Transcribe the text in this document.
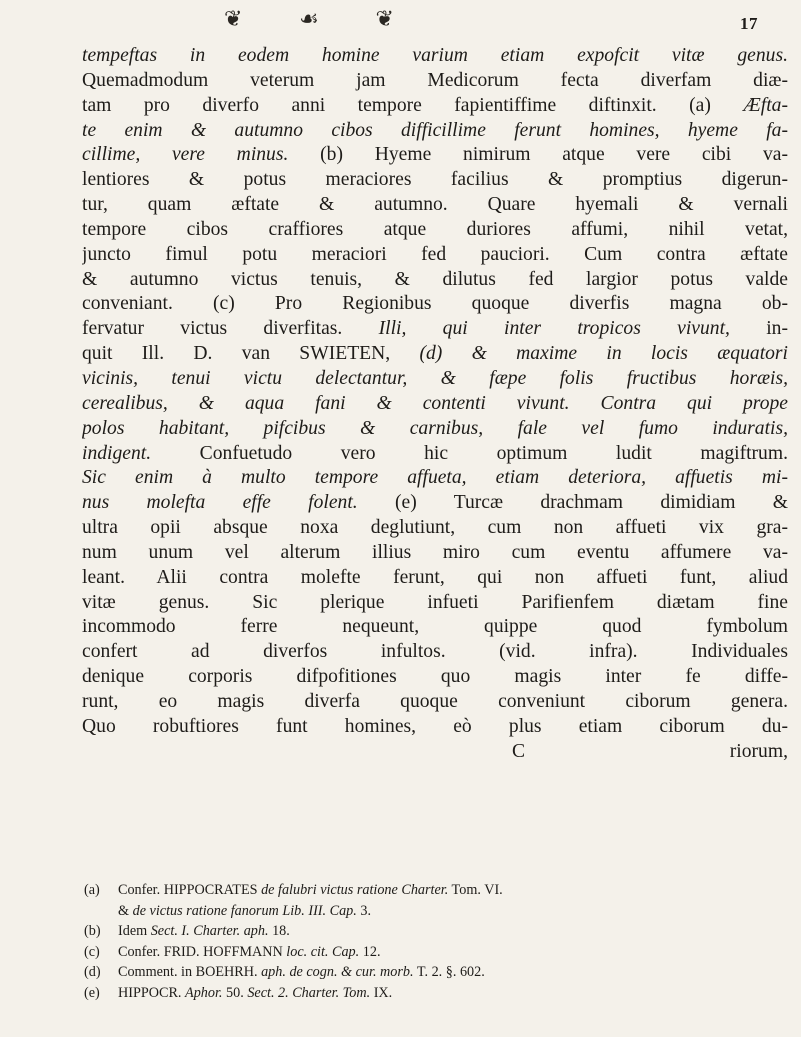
❦	☙	❦	17
tempeftas in eodem homine varium etiam expofcit vitæ genus.
Quemadmodum veterum jam Medicorum fecta diverfam diæ-
tam pro diverfo anni tempore fapientiffime diftinxit. (a) Æfta-
te enim & autumno cibos difficillime ferunt homines, hyeme fa-
cillime, vere minus. (b) Hyeme nimirum atque vere cibi va-
lentiores & potus meraciores facilius & promptius digerun-
tur, quam æftate & autumno. Quare hyemali & vernali
tempore cibos craffiores atque duriores affumi, nihil vetat,
juncto fimul potu meraciori fed pauciori. Cum contra æftate
& autumno victus tenuis, & dilutus fed largior potus valde
conveniant. (c) Pro Regionibus quoque diverfis magna ob-
fervatur victus diverfitas. Illi, qui inter tropicos vivunt, in-
quit Ill. D. van SWIETEN, (d) & maxime in locis æquatori
vicinis, tenui victu delectantur, & fæpe folis fructibus horæis,
cerealibus, & aqua fani & contenti vivunt. Contra qui prope
polos habitant, pifcibus & carnibus, fale vel fumo induratis,
indigent. Confuetudo vero hic optimum ludit magiftrum.
Sic enim à multo tempore affueta, etiam deteriora, affuetis mi-
nus molefta effe folent. (e) Turcæ drachmam dimidiam &
ultra opii absque noxa deglutiunt, cum non affueti vix gra-
num unum vel alterum illius miro cum eventu affumere va-
leant. Alii contra molefte ferunt, qui non affueti funt, aliud
vitæ genus. Sic plerique infueti Parifienfem diætam fine
incommodo ferre nequeunt, quippe quod fymbolum
confert ad diverfos infultos. (vid. infra). Individuales
denique corporis difpofitiones quo magis inter fe diffe-
runt, eo magis diverfa quoque conveniunt ciborum genera.
Quo robuftiores funt homines, eò plus etiam ciborum du-
C	riorum,
(a) Confer. HIPPOCRATES de falubri victus ratione Charter. Tom. VI.
& de victus ratione fanorum Lib. III. Cap. 3.
(b) Idem Sect. I. Charter. aph. 18.
(c) Confer. FRID. HOFFMANN loc. cit. Cap. 12.
(d) Comment. in BOEHRH. aph. de cogn. & cur. morb. T. 2. §. 602.
(e) HIPPOCR. Aphor. 50. Sect. 2. Charter. Tom. IX.
